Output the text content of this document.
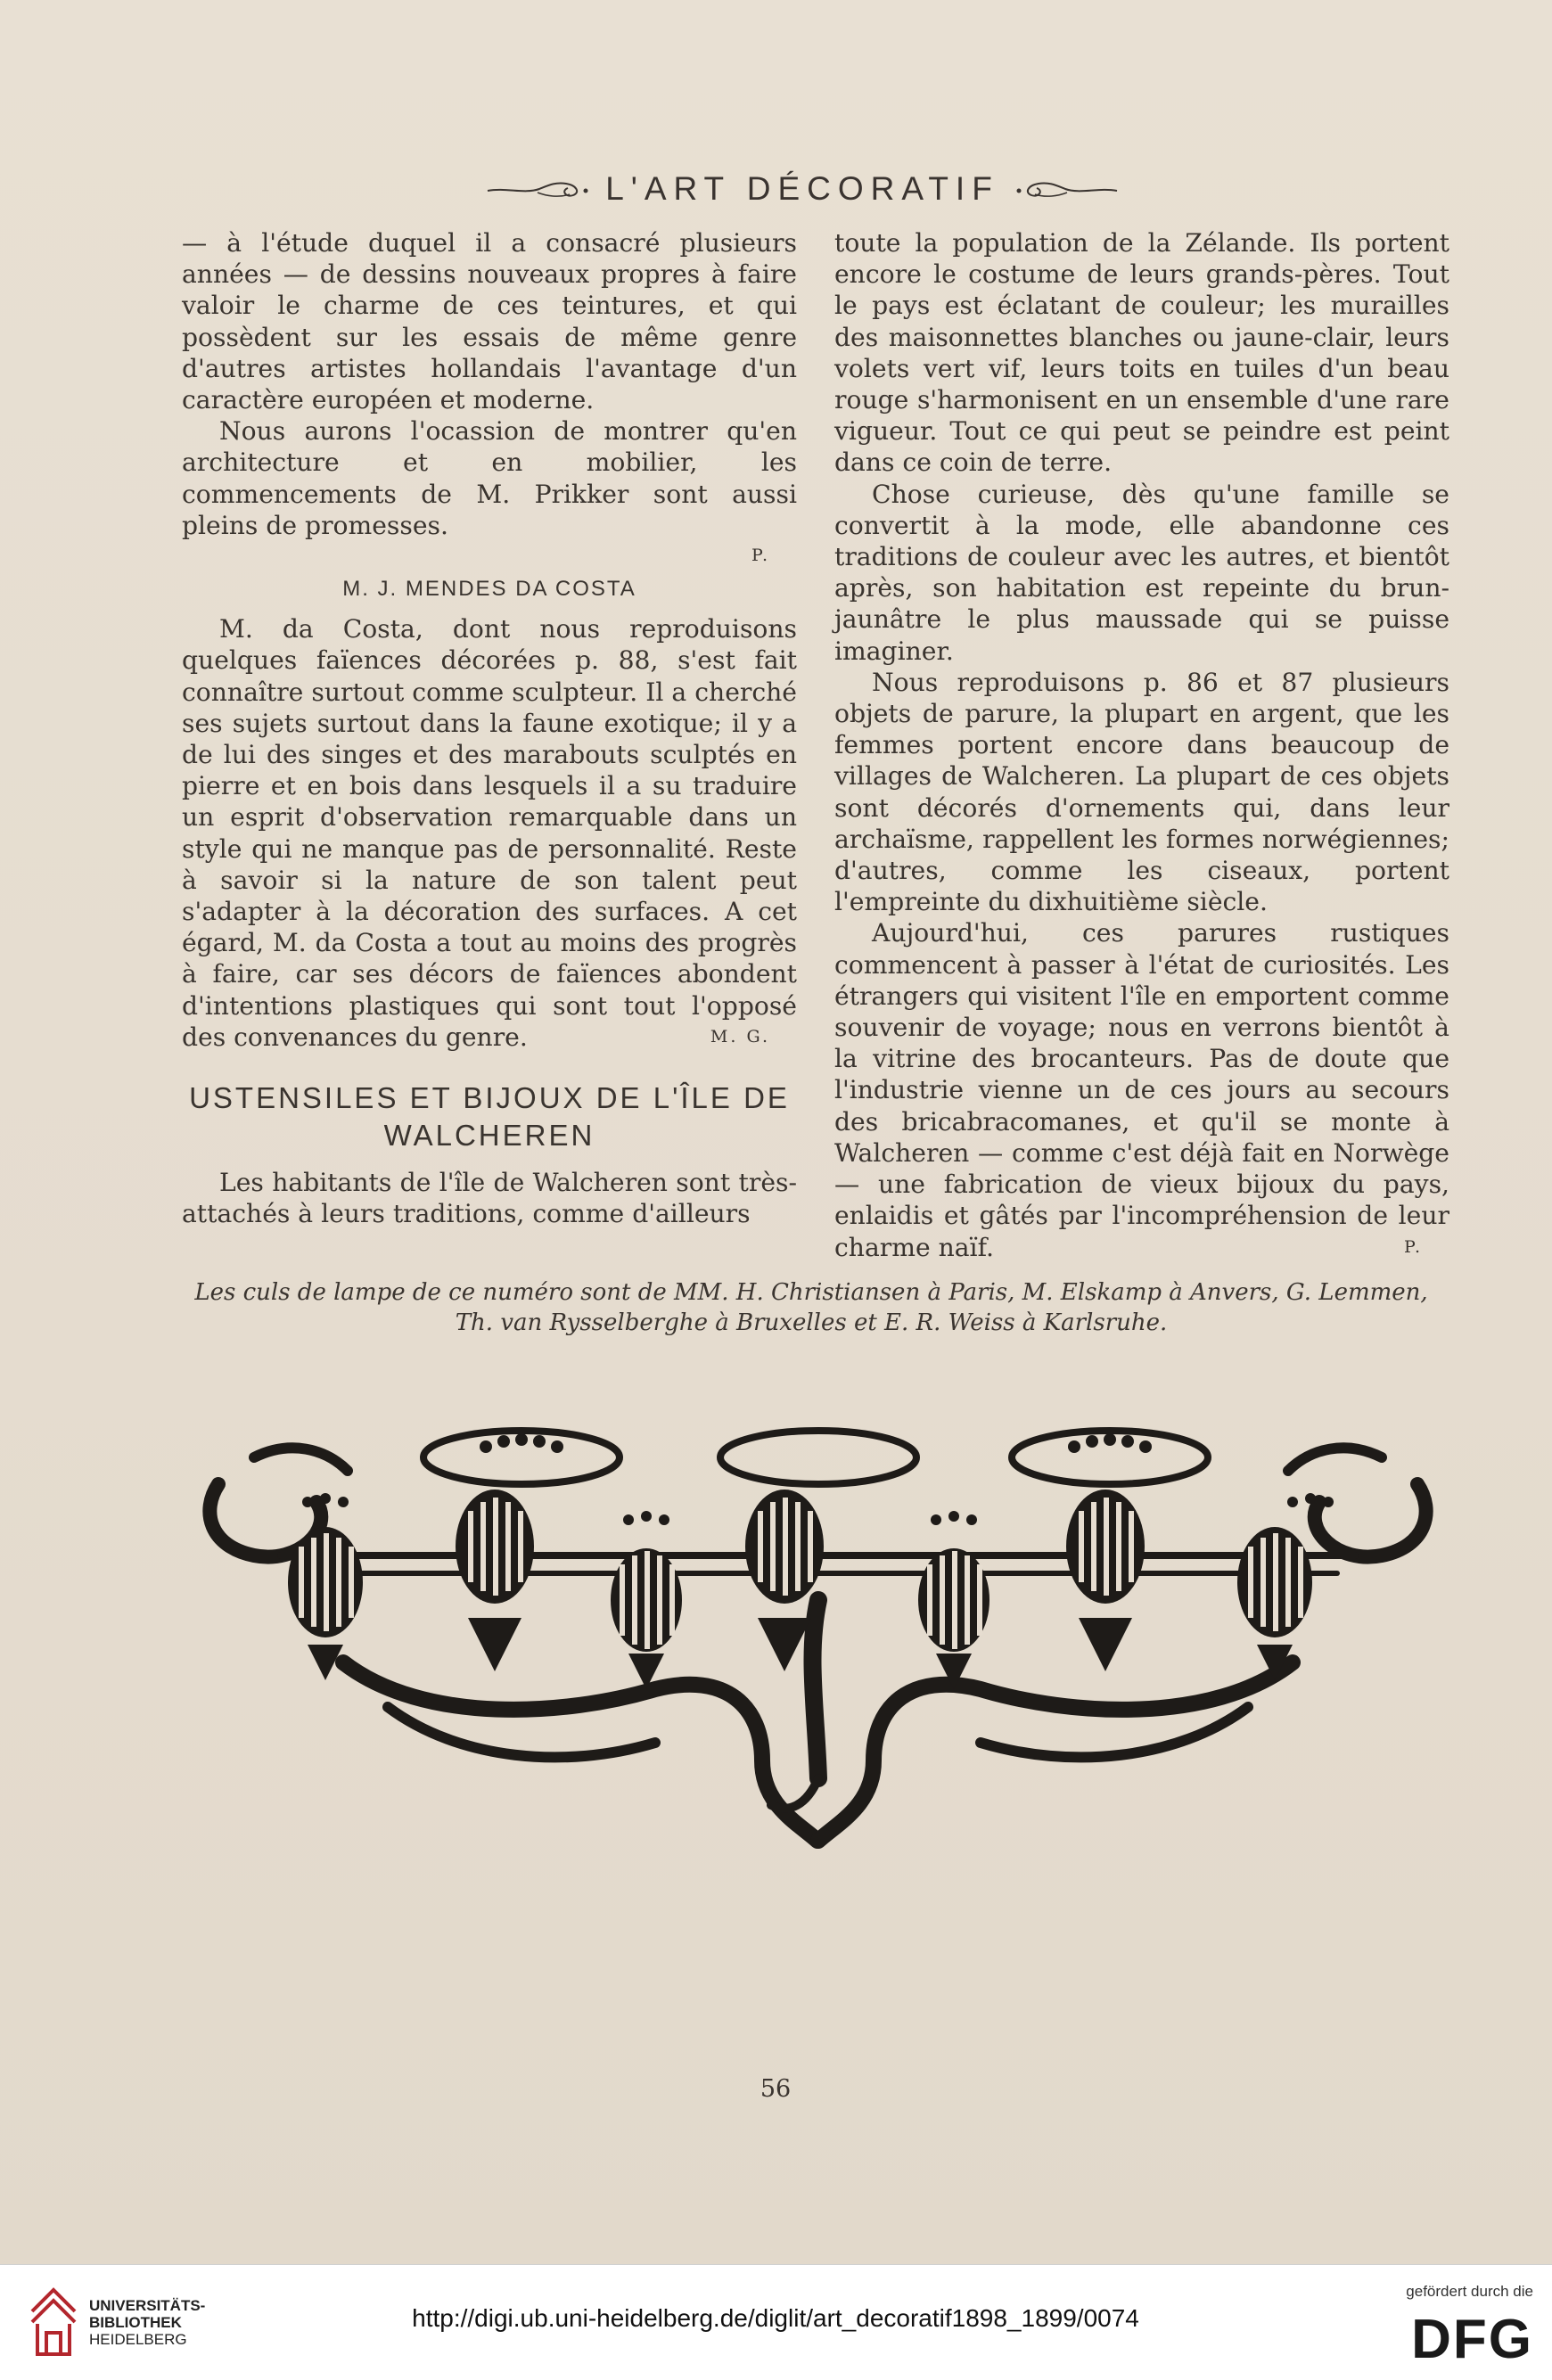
L'ART DÉCORATIF

— à l'étude duquel il a consacré plusieurs années — de dessins nouveaux propres à faire valoir le charme de ces teintures, et qui possèdent sur les essais de même genre d'autres artistes hollandais l'avantage d'un caractère européen et moderne.

Nous aurons l'ocassion de montrer qu'en architecture et en mobilier, les commencements de M. Prikker sont aussi pleins de promesses.

P.
M. J. MENDES DA COSTA

M. da Costa, dont nous reproduisons quelques faïences décorées p. 88, s'est fait connaître surtout comme sculpteur. Il a cherché ses sujets surtout dans la faune exotique; il y a de lui des singes et des marabouts sculptés en pierre et en bois dans lesquels il a su traduire un esprit d'observation remarquable dans un style qui ne manque pas de personnalité. Reste à savoir si la nature de son talent peut s'adapter à la décoration des surfaces. A cet égard, M. da Costa a tout au moins des progrès à faire, car ses décors de faïences abondent d'intentions plastiques qui sont tout l'opposé des convenances du genre.	M. G.

USTENSILES ET BIJOUX DE L'ÎLE DE WALCHEREN

Les habitants de l'île de Walcheren sont très-attachés à leurs traditions, comme d'ailleurs

toute la population de la Zélande. Ils portent encore le costume de leurs grands-pères. Tout le pays est éclatant de couleur; les murailles des maisonnettes blanches ou jaune-clair, leurs volets vert vif, leurs toits en tuiles d'un beau rouge s'harmonisent en un ensemble d'une rare vigueur. Tout ce qui peut se peindre est peint dans ce coin de terre.

Chose curieuse, dès qu'une famille se convertit à la mode, elle abandonne ces traditions de couleur avec les autres, et bientôt après, son habitation est repeinte du brun-jaunâtre le plus maussade qui se puisse imaginer.

Nous reproduisons p. 86 et 87 plusieurs objets de parure, la plupart en argent, que les femmes portent encore dans beaucoup de villages de Walcheren. La plupart de ces objets sont décorés d'ornements qui, dans leur archaïsme, rappellent les formes norwégiennes; d'autres, comme les ciseaux, portent l'empreinte du dixhuitième siècle.

Aujourd'hui, ces parures rustiques commencent à passer à l'état de curiosités. Les étrangers qui visitent l'île en emportent comme souvenir de voyage; nous en verrons bientôt à la vitrine des brocanteurs. Pas de doute que l'industrie vienne un de ces jours au secours des bricabracomanes, et qu'il se monte à Walcheren — comme c'est déjà fait en Norwège — une fabrication de vieux bijoux du pays, enlaidis et gâtés par l'incompréhension de leur charme naïf.	P.

Les culs de lampe de ce numéro sont de MM. H. Christiansen à Paris, M. Elskamp à Anvers, G. Lemmen, Th. van Rysselberghe à Bruxelles et E. R. Weiss à Karlsruhe.
56
UNIVERSITÄTS-
BIBLIOTHEK
HEIDELBERG
http://digi.ub.uni-heidelberg.de/diglit/art_decoratif1898_1899/0074
gefördert durch die
DFG
